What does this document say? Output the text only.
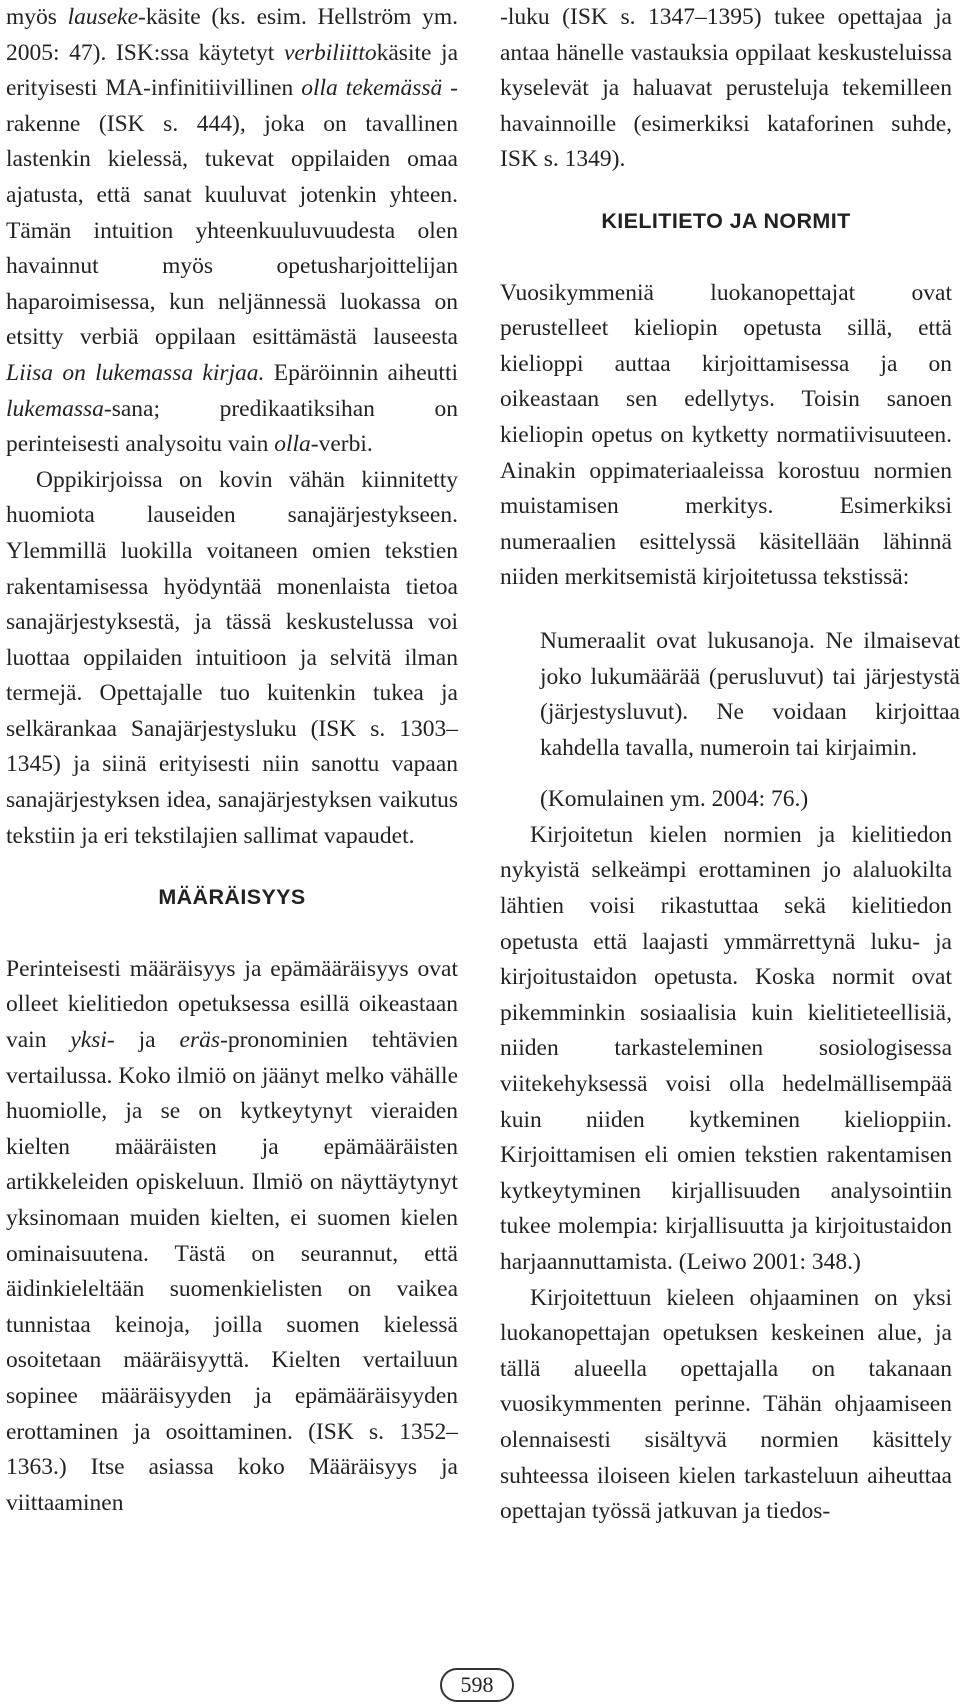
myös lauseke-käsite (ks. esim. Hellström ym. 2005: 47). ISK:ssa käytetyt verbiliittokäsite ja erityisesti MA-infinitiivillinen olla tekemässä -rakenne (ISK s. 444), joka on tavallinen lastenkin kielessä, tukevat oppilaiden omaa ajatusta, että sanat kuuluvat jotenkin yhteen. Tämän intuition yhteenkuuluvuudesta olen havainnut myös opetusharjoittelijan haparoimisessa, kun neljännessä luokassa on etsitty verbiä oppilaan esittämästä lauseesta Liisa on lukemassa kirjaa. Epäröinnin aiheutti lukemassa-sana; predikaatiksihan on perinteisesti analysoitu vain olla-verbi.

Oppikirjoissa on kovin vähän kiinnitetty huomiota lauseiden sanajärjestykseen. Ylemmillä luokilla voitaneen omien tekstien rakentamisessa hyödyntää monenlaista tietoa sanajärjestyksestä, ja tässä keskustelussa voi luottaa oppilaiden intuitioon ja selvitä ilman termejä. Opettajalle tuo kuitenkin tukea ja selkärankaa Sanajärjestysluku (ISK s. 1303–1345) ja siinä erityisesti niin sanottu vapaan sanajärjestyksen idea, sanajärjestyksen vaikutus tekstiin ja eri tekstilajien sallimat vapaudet.

MÄÄRÄISYYS

Perinteisesti määräisyys ja epämääräisyys ovat olleet kielitiedon opetuksessa esillä oikeastaan vain yksi- ja eräs-pronominien tehtävien vertailussa. Koko ilmiö on jäänyt melko vähälle huomiolle, ja se on kytkeytynyt vieraiden kielten määräisten ja epämääräisten artikkeleiden opiskeluun. Ilmiö on näyttäytynyt yksinomaan muiden kielten, ei suomen kielen ominaisuutena. Tästä on seurannut, että äidinkieleltään suomenkielisten on vaikea tunnistaa keinoja, joilla suomen kielessä osoitetaan määräisyyttä. Kielten vertailuun sopinee määräisyyden ja epämääräisyyden erottaminen ja osoittaminen. (ISK s. 1352–1363.) Itse asiassa koko Määräisyys ja viittaaminen

-luku (ISK s. 1347–1395) tukee opettajaa ja antaa hänelle vastauksia oppilaat keskusteluissa kyselevät ja haluavat perusteluja tekemilleen havainnoille (esimerkiksi kataforinen suhde, ISK s. 1349).

KIELITIETO JA NORMIT

Vuosikymmeniä luokanopettajat ovat perustelleet kieliopin opetusta sillä, että kielioppi auttaa kirjoittamisessa ja on oikeastaan sen edellytys. Toisin sanoen kieliopin opetus on kytketty normatiivisuuteen. Ainakin oppimateriaaleissa korostuu normien muistamisen merkitys. Esimerkiksi numeraalien esittelyssä käsitellään lähinnä niiden merkitsemistä kirjoitetussa tekstissä:

Numeraalit ovat lukusanoja. Ne ilmaisevat joko lukumäärää (perusluvut) tai järjestystä (järjestysluvut). Ne voidaan kirjoittaa kahdella tavalla, numeroin tai kirjaimin.

(Komulainen ym. 2004: 76.)

Kirjoitetun kielen normien ja kielitiedon nykyistä selkeämpi erottaminen jo alaluokilta lähtien voisi rikastuttaa sekä kielitiedon opetusta että laajasti ymmärrettynä luku- ja kirjoitustaidon opetusta. Koska normit ovat pikemminkin sosiaalisia kuin kielitieteellisiä, niiden tarkasteleminen sosiologisessa viitekehyksessä voisi olla hedelmällisempää kuin niiden kytkeminen kielioppiin. Kirjoittamisen eli omien tekstien rakentamisen kytkeytyminen kirjallisuuden analysointiin tukee molempia: kirjallisuutta ja kirjoitustaidon harjaannuttamista. (Leiwo 2001: 348.)

Kirjoitettuun kieleen ohjaaminen on yksi luokanopettajan opetuksen keskeinen alue, ja tällä alueella opettajalla on takanaan vuosikymmenten perinne. Tähän ohjaamiseen olennaisesti sisältyvä normien käsittely suhteessa iloiseen kielen tarkasteluun aiheuttaa opettajan työssä jatkuvan ja tiedos-

598
